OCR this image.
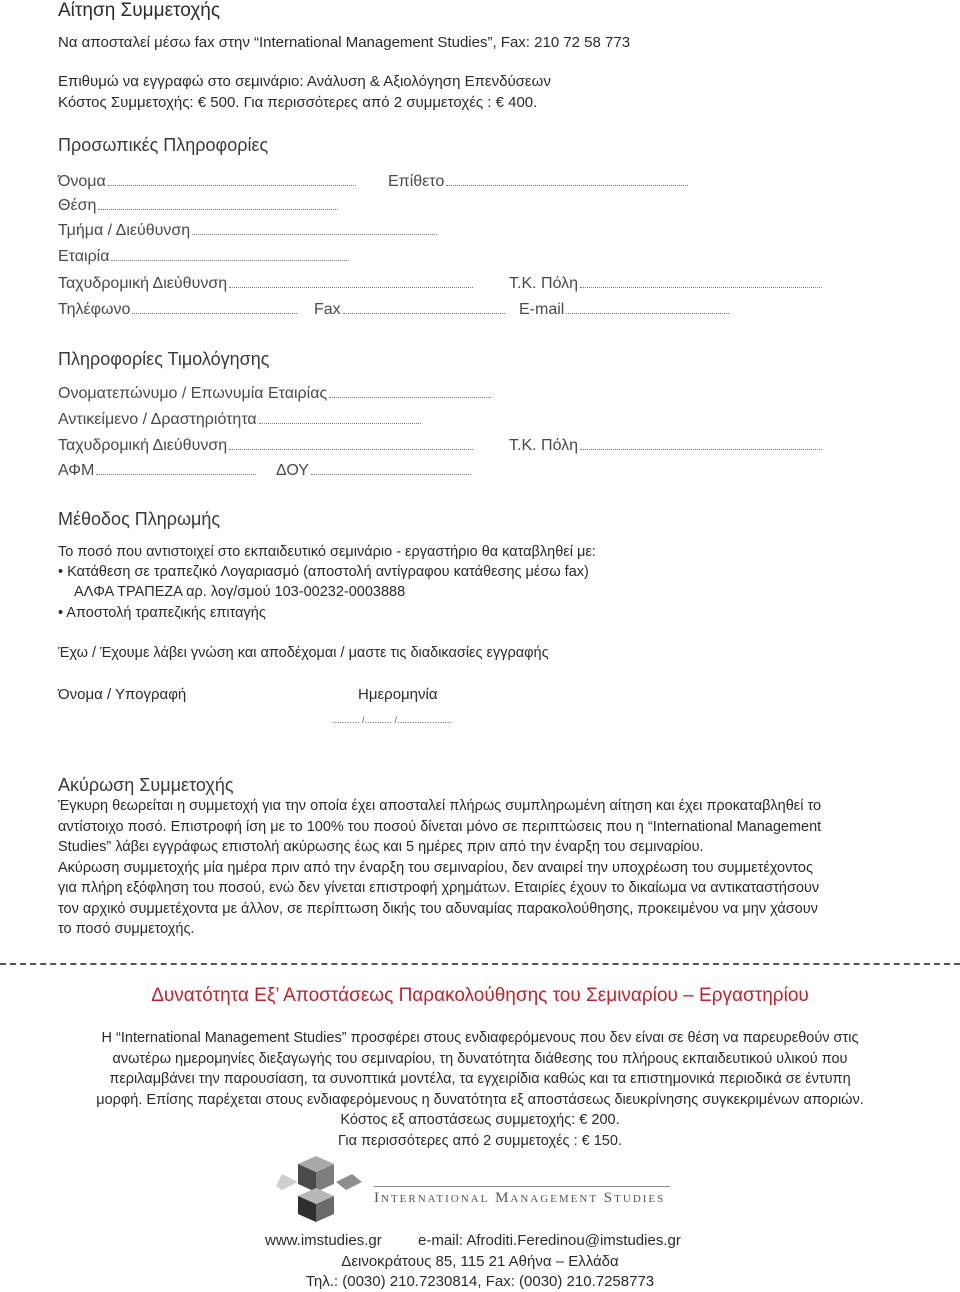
Αίτηση Συμμετοχής
Να αποσταλεί μέσω fax στην “International Management Studies”, Fax: 210 72 58 773
Επιθυμώ να εγγραφώ στο σεμινάριο: Ανάλυση & Αξιολόγηση Επενδύσεων
Κόστος Συμμετοχής: € 500. Για περισσότερες από 2 συμμετοχές : € 400.
Προσωπικές Πληροφορίες
Όνομα	Επίθετο
Θέση
Τμήμα / Διεύθυνση
Εταιρία
Ταχυδρομική Διεύθυνση	Τ.Κ. Πόλη
Τηλέφωνο	Fax	E-mail
Πληροφορίες Τιμολόγησης
Ονοματεπώνυμο / Επωνυμία Εταιρίας
Αντικείμενο / Δραστηριότητα
Ταχυδρομική Διεύθυνση	Τ.Κ. Πόλη
ΑΦΜ	ΔΟΥ
Μέθοδος Πληρωμής
Το ποσό που αντιστοιχεί στο εκπαιδευτικό σεμινάριο - εργαστήριο θα καταβληθεί με:
• Κατάθεση σε τραπεζικό Λογαριασμό (αποστολή αντίγραφου κατάθεσης μέσω fax)
ΑΛΦΑ ΤΡΑΠΕΖΑ αρ. λογ/σμού 103-00232-0003888
• Αποστολή τραπεζικής επιταγής
Έχω / Έχουμε λάβει γνώση και αποδέχομαι / μαστε τις διαδικασίες εγγραφής
Όνομα / Υπογραφή	Ημερομηνία
........... /........... /......................
Ακύρωση Συμμετοχής

Έγκυρη θεωρείται η συμμετοχή για την οποία έχει αποσταλεί πλήρως συμπληρωμένη αίτηση και έχει προκαταβληθεί το

αντίστοιχο ποσό. Επιστροφή ίση με το 100% του ποσού δίνεται μόνο σε περιπτώσεις που η “International Management

Studies” λάβει εγγράφως επιστολή ακύρωσης έως και 5 ημέρες πριν από την έναρξη του σεμιναρίου.

Ακύρωση συμμετοχής μία ημέρα πριν από την έναρξη του σεμιναρίου, δεν αναιρεί την υποχρέωση του συμμετέχοντος

για πλήρη εξόφληση του ποσού, ενώ δεν γίνεται επιστροφή χρημάτων. Εταιρίες έχουν το δικαίωμα να αντικαταστήσουν

τον αρχικό συμμετέχοντα με άλλον, σε περίπτωση δικής του αδυναμίας παρακολούθησης, προκειμένου να μην χάσουν

το ποσό συμμετοχής.

Δυνατότητα Εξ’ Αποστάσεως Παρακολούθησης του Σεμιναρίου – Εργαστηρίου

Η “International Management Studies” προσφέρει στους ενδιαφερόμενους που δεν είναι σε θέση να παρευρεθούν στις

ανωτέρω ημερομηνίες διεξαγωγής του σεμιναρίου, τη δυνατότητα διάθεσης του πλήρους εκπαιδευτικού υλικού που

περιλαμβάνει την παρουσίαση, τα συνοπτικά μοντέλα, τα εγχειρίδια καθώς και τα επιστημονικά περιοδικά σε έντυπη

μορφή. Επίσης παρέχεται στους ενδιαφερόμενους η δυνατότητα εξ αποστάσεως διευκρίνησης συγκεκριμένων αποριών.

Κόστος εξ αποστάσεως συμμετοχής: € 200.

Για περισσότερες από 2 συμμετοχές : € 150.

International Management Studies
www.imstudies.gr e-mail: Afroditi.Feredinou@imstudies.gr
Δεινοκράτους 85, 115 21 Αθήνα – Ελλάδα
Τηλ.: (0030) 210.7230814, Fax: (0030) 210.7258773
